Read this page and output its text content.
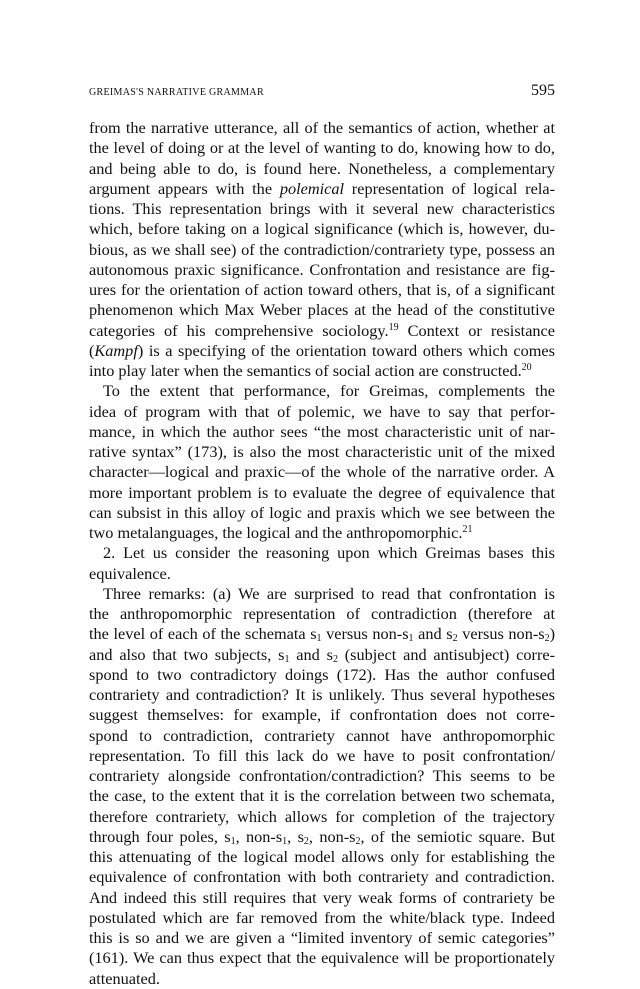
GREIMAS'S NARRATIVE GRAMMAR	595
from the narrative utterance, all of the semantics of action, whether at
the level of doing or at the level of wanting to do, knowing how to do,
and being able to do, is found here. Nonetheless, a complementary
argument appears with the polemical representation of logical rela-
tions. This representation brings with it several new characteristics
which, before taking on a logical significance (which is, however, du-
bious, as we shall see) of the contradiction/contrariety type, possess an
autonomous praxic significance. Confrontation and resistance are fig-
ures for the orientation of action toward others, that is, of a significant
phenomenon which Max Weber places at the head of the constitutive
categories of his comprehensive sociology.$^{19}$ Context or resistance
(Kampf) is a specifying of the orientation toward others which comes
into play later when the semantics of social action are constructed.$^{20}$
To the extent that performance, for Greimas, complements the
idea of program with that of polemic, we have to say that perfor-
mance, in which the author sees “the most characteristic unit of nar-
rative syntax” (173), is also the most characteristic unit of the mixed
character—logical and praxic—of the whole of the narrative order. A
more important problem is to evaluate the degree of equivalence that
can subsist in this alloy of logic and praxis which we see between the
two metalanguages, the logical and the anthropomorphic.$^{21}$
2. Let us consider the reasoning upon which Greimas bases this
equivalence.
Three remarks: (a) We are surprised to read that confrontation is
the anthropomorphic representation of contradiction (therefore at
the level of each of the schemata $s_1$ versus non-$s_1$ and $s_2$ versus non-$s_2$)
and also that two subjects, $s_1$ and $s_2$ (subject and antisubject) corre-
spond to two contradictory doings (172). Has the author confused
contrariety and contradiction? It is unlikely. Thus several hypotheses
suggest themselves: for example, if confrontation does not corre-
spond to contradiction, contrariety cannot have anthropomorphic
representation. To fill this lack do we have to posit confrontation/
contrariety alongside confrontation/contradiction? This seems to be
the case, to the extent that it is the correlation between two schemata,
therefore contrariety, which allows for completion of the trajectory
through four poles, $s_1$, non-$s_1$, $s_2$, non-$s_2$, of the semiotic square. But
this attenuating of the logical model allows only for establishing the
equivalence of confrontation with both contrariety and contradiction.
And indeed this still requires that very weak forms of contrariety be
postulated which are far removed from the white/black type. Indeed
this is so and we are given a “limited inventory of semic categories”
(161). We can thus expect that the equivalence will be proportionately
attenuated.
